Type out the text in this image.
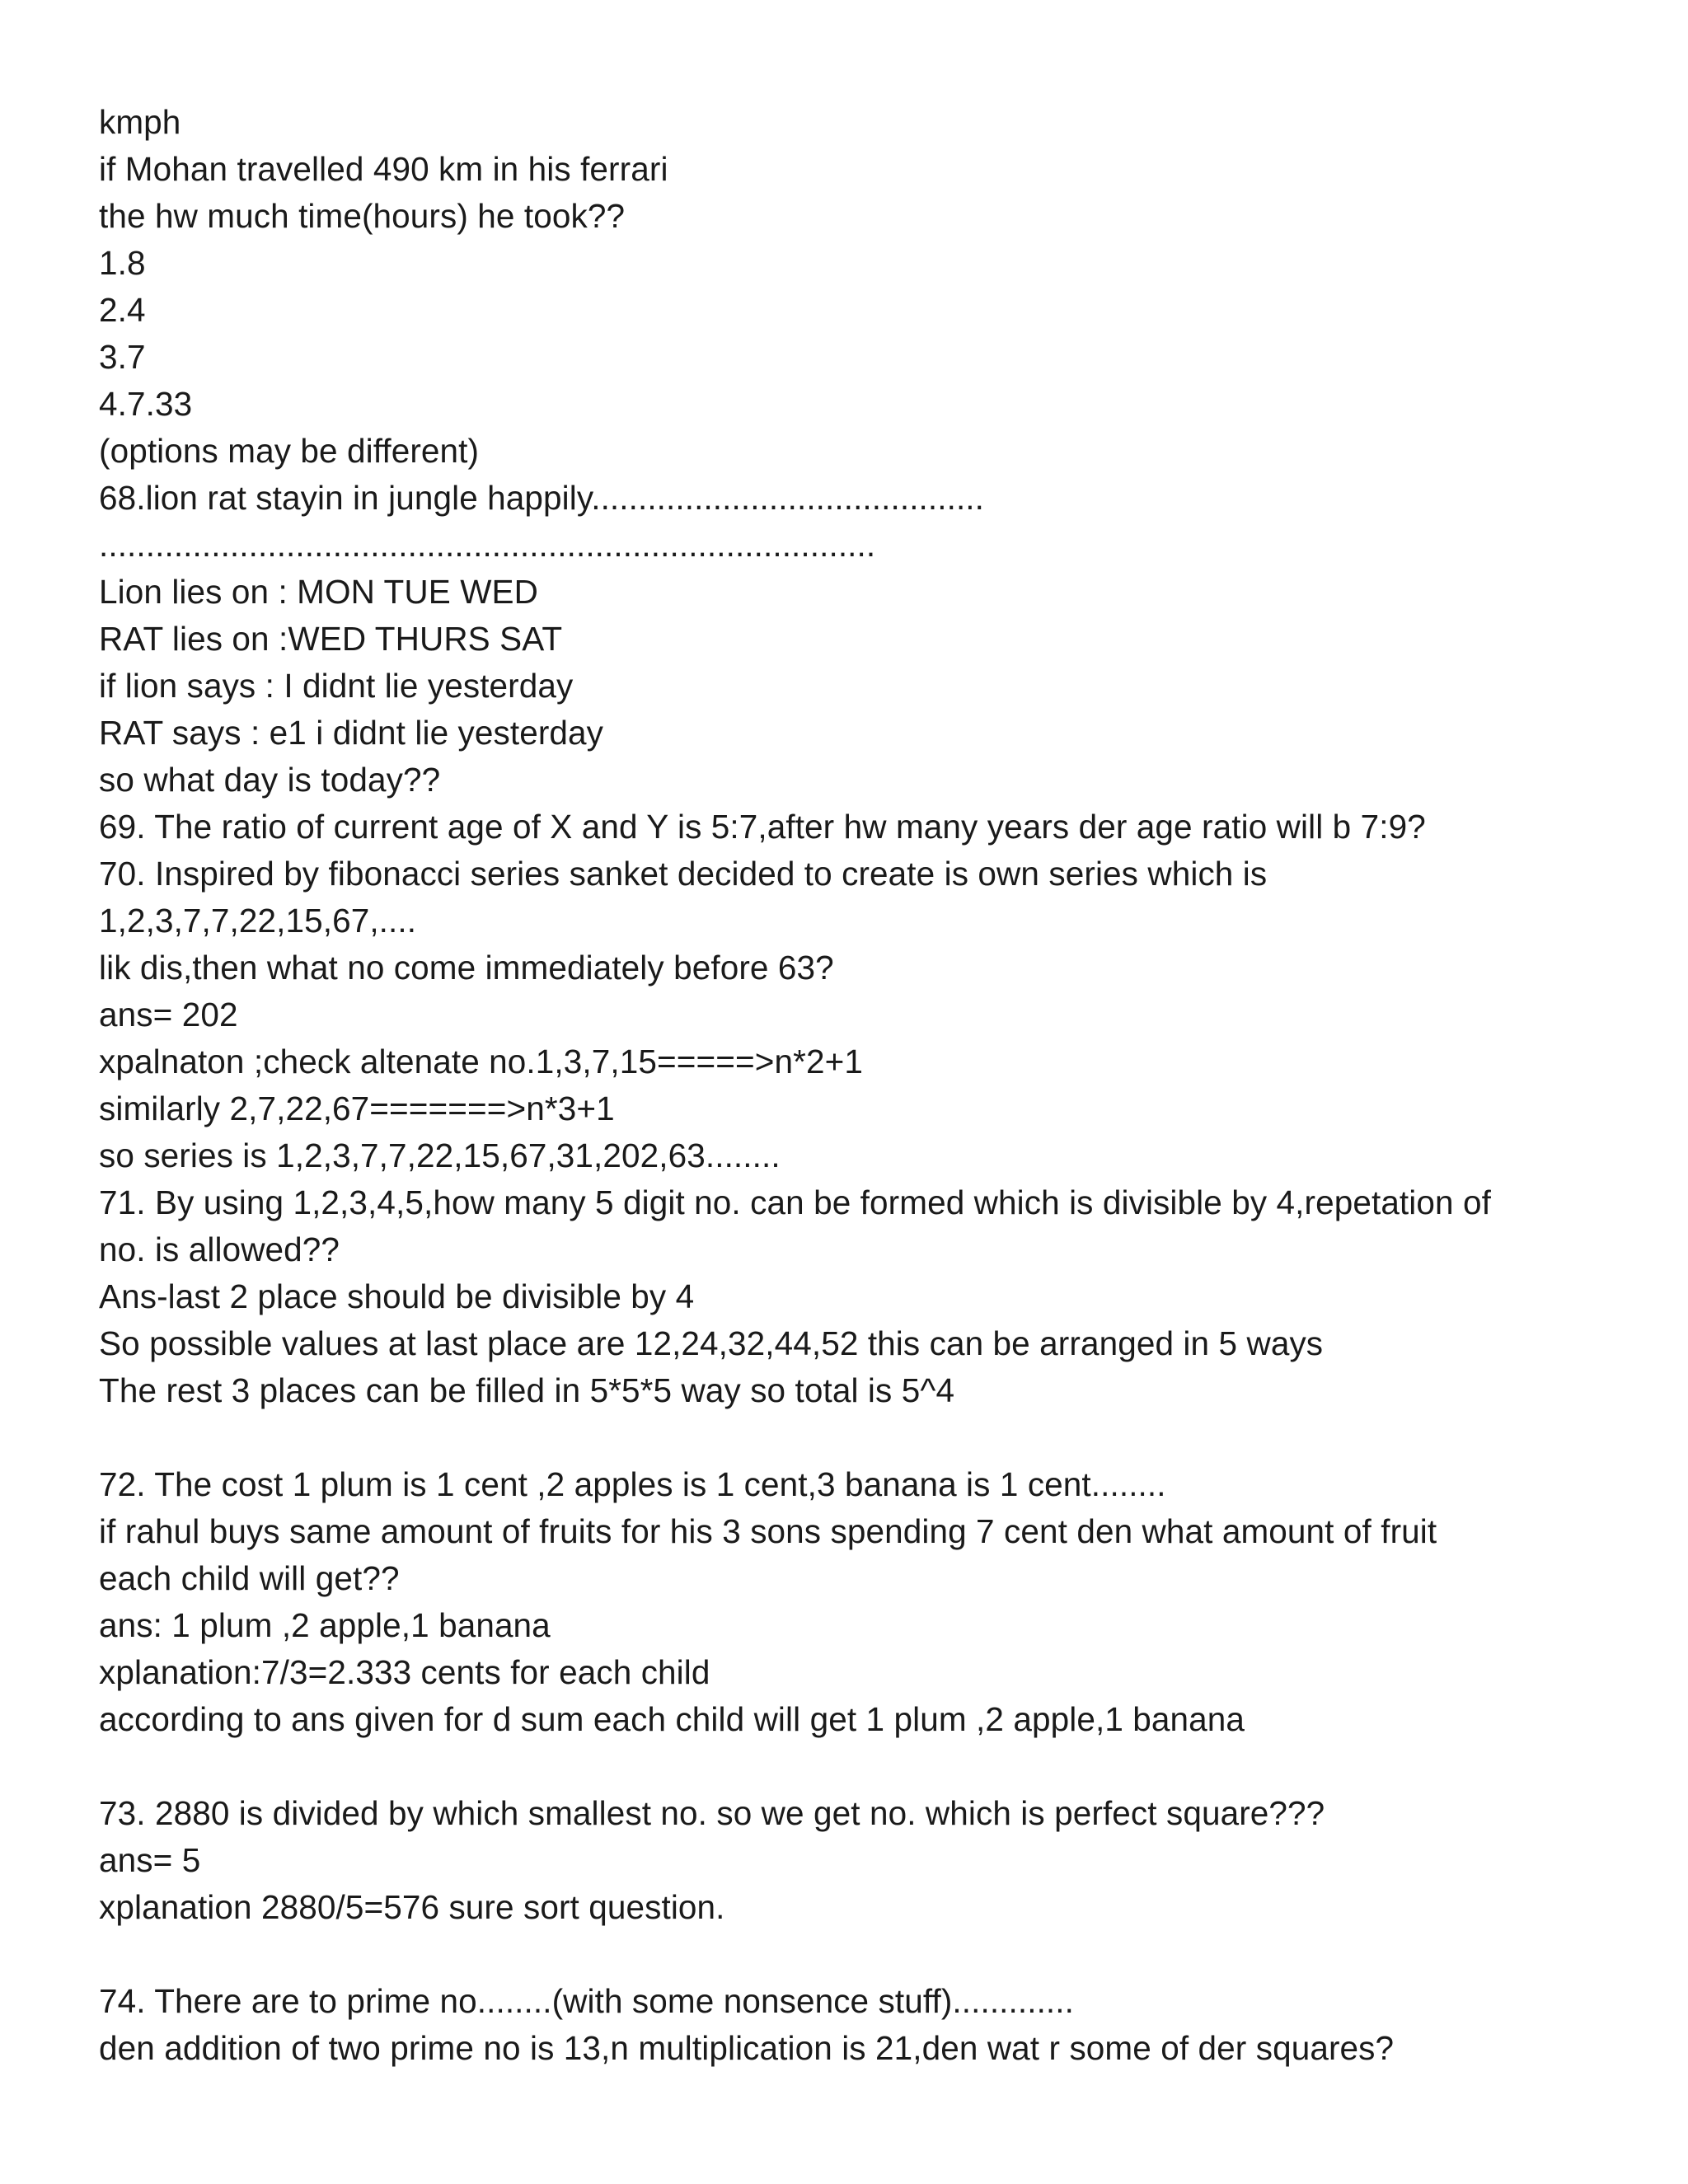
kmph
if Mohan travelled 490 km in his ferrari
the hw much time(hours) he took??
1.8
2.4
3.7
4.7.33
(options may be different)
68.lion rat stayin in jungle happily..........................................
...................................................................................
Lion lies on : MON TUE WED
RAT lies on :WED THURS SAT
if lion says : I didnt lie yesterday
RAT says : e1 i didnt lie yesterday
so what day is today??
69. The ratio of current age of X and Y is 5:7,after hw many years der age ratio will b 7:9?
70. Inspired by fibonacci series sanket decided to create is own series which is
1,2,3,7,7,22,15,67,....
lik dis,then what no come immediately before 63?
ans= 202
xpalnaton ;check altenate no.1,3,7,15=====>n*2+1
similarly 2,7,22,67=======>n*3+1
so series is 1,2,3,7,7,22,15,67,31,202,63........
71. By using 1,2,3,4,5,how many 5 digit no. can be formed which is divisible by 4,repetation of
no. is allowed??
Ans-last 2 place should be divisible by 4
So possible values at last place are 12,24,32,44,52 this can be arranged in 5 ways
The rest 3 places can be filled in 5*5*5 way so total is 5^4
72. The cost 1 plum is 1 cent ,2 apples is 1 cent,3 banana is 1 cent........
if rahul buys same amount of fruits for his 3 sons spending 7 cent den what amount of fruit
each child will get??
ans: 1 plum ,2 apple,1 banana
xplanation:7/3=2.333 cents for each child
according to ans given for d sum each child will get 1 plum ,2 apple,1 banana
73. 2880 is divided by which smallest no. so we get no. which is perfect square???
ans= 5
xplanation 2880/5=576 sure sort question.
74. There are to prime no........(with some nonsence stuff).............
den addition of two prime no is 13,n multiplication is 21,den wat r some of der squares?
